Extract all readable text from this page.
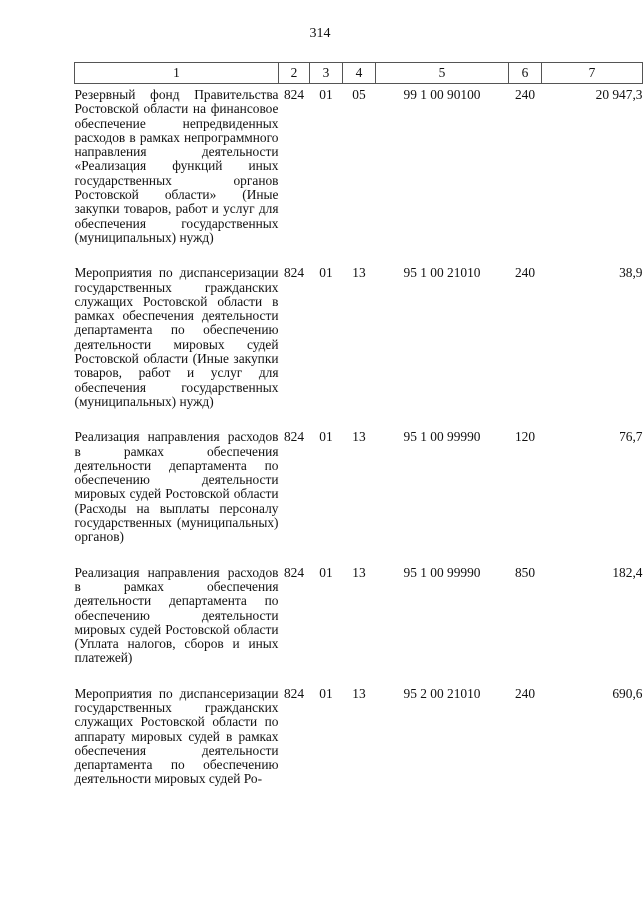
314
1	2	3	4	5	6	7
Резервный фонд Правительства Ростовской области на финансовое обеспечение непредвиденных расходов в рамках непрограммного направления деятельности «Реализация функций иных государственных органов Ростовской области» (Иные закупки товаров, работ и услуг для обеспечения государственных (муниципальных) нужд)	824	01	05	99 1 00 90100	240	20 947,3
Мероприятия по диспансеризации государственных гражданских служащих Ростовской области в рамках обеспечения деятельности департамента по обеспечению деятельности мировых судей Ростовской области (Иные закупки товаров, работ и услуг для обеспечения государственных (муниципальных) нужд)	824	01	13	95 1 00 21010	240	38,9
Реализация направления расходов в рамках обеспечения деятельности департамента по обеспечению деятельности мировых судей Ростовской области (Расходы на выплаты персоналу государственных (муниципальных) органов)	824	01	13	95 1 00 99990	120	76,7
Реализация направления расходов в рамках обеспечения деятельности департамента по обеспечению деятельности мировых судей Ростовской области (Уплата налогов, сборов и иных платежей)	824	01	13	95 1 00 99990	850	182,4
Мероприятия по диспансеризации государственных гражданских служащих Ростовской области по аппарату мировых судей в рамках обеспечения деятельности департамента по обеспечению деятельности мировых судей Ро-	824	01	13	95 2 00 21010	240	690,6
